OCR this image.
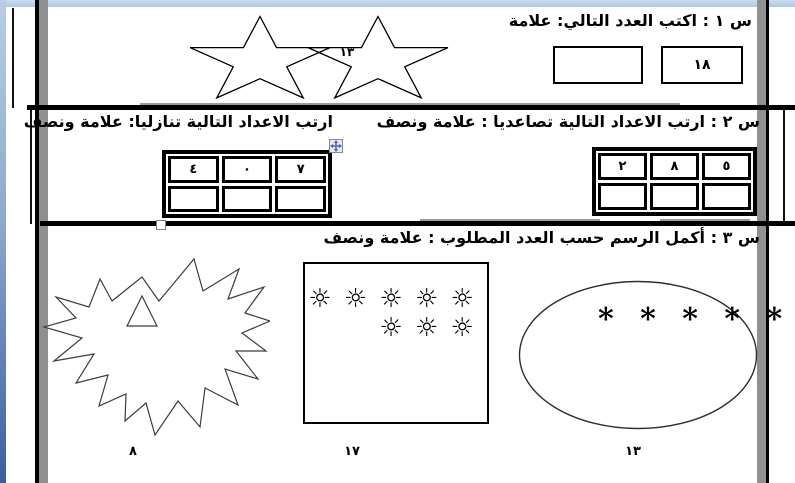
س ١ : اكتب العدد التالي: علامة
١٣
١٨
س ٢ : ارتب الاعداد التالية تصاعديا : علامة ونصف
ارتب الاعداد التالية تنازليا: علامة ونصف
٢	٨	٥
٤	٠	٧
س ٣ : أكمل الرسم حسب العدد المطلوب : علامة ونصف
☼ ☼ ☼ ☼ ☼
☼ ☼ ☼	* * * * *
٨	١٧	١٣
